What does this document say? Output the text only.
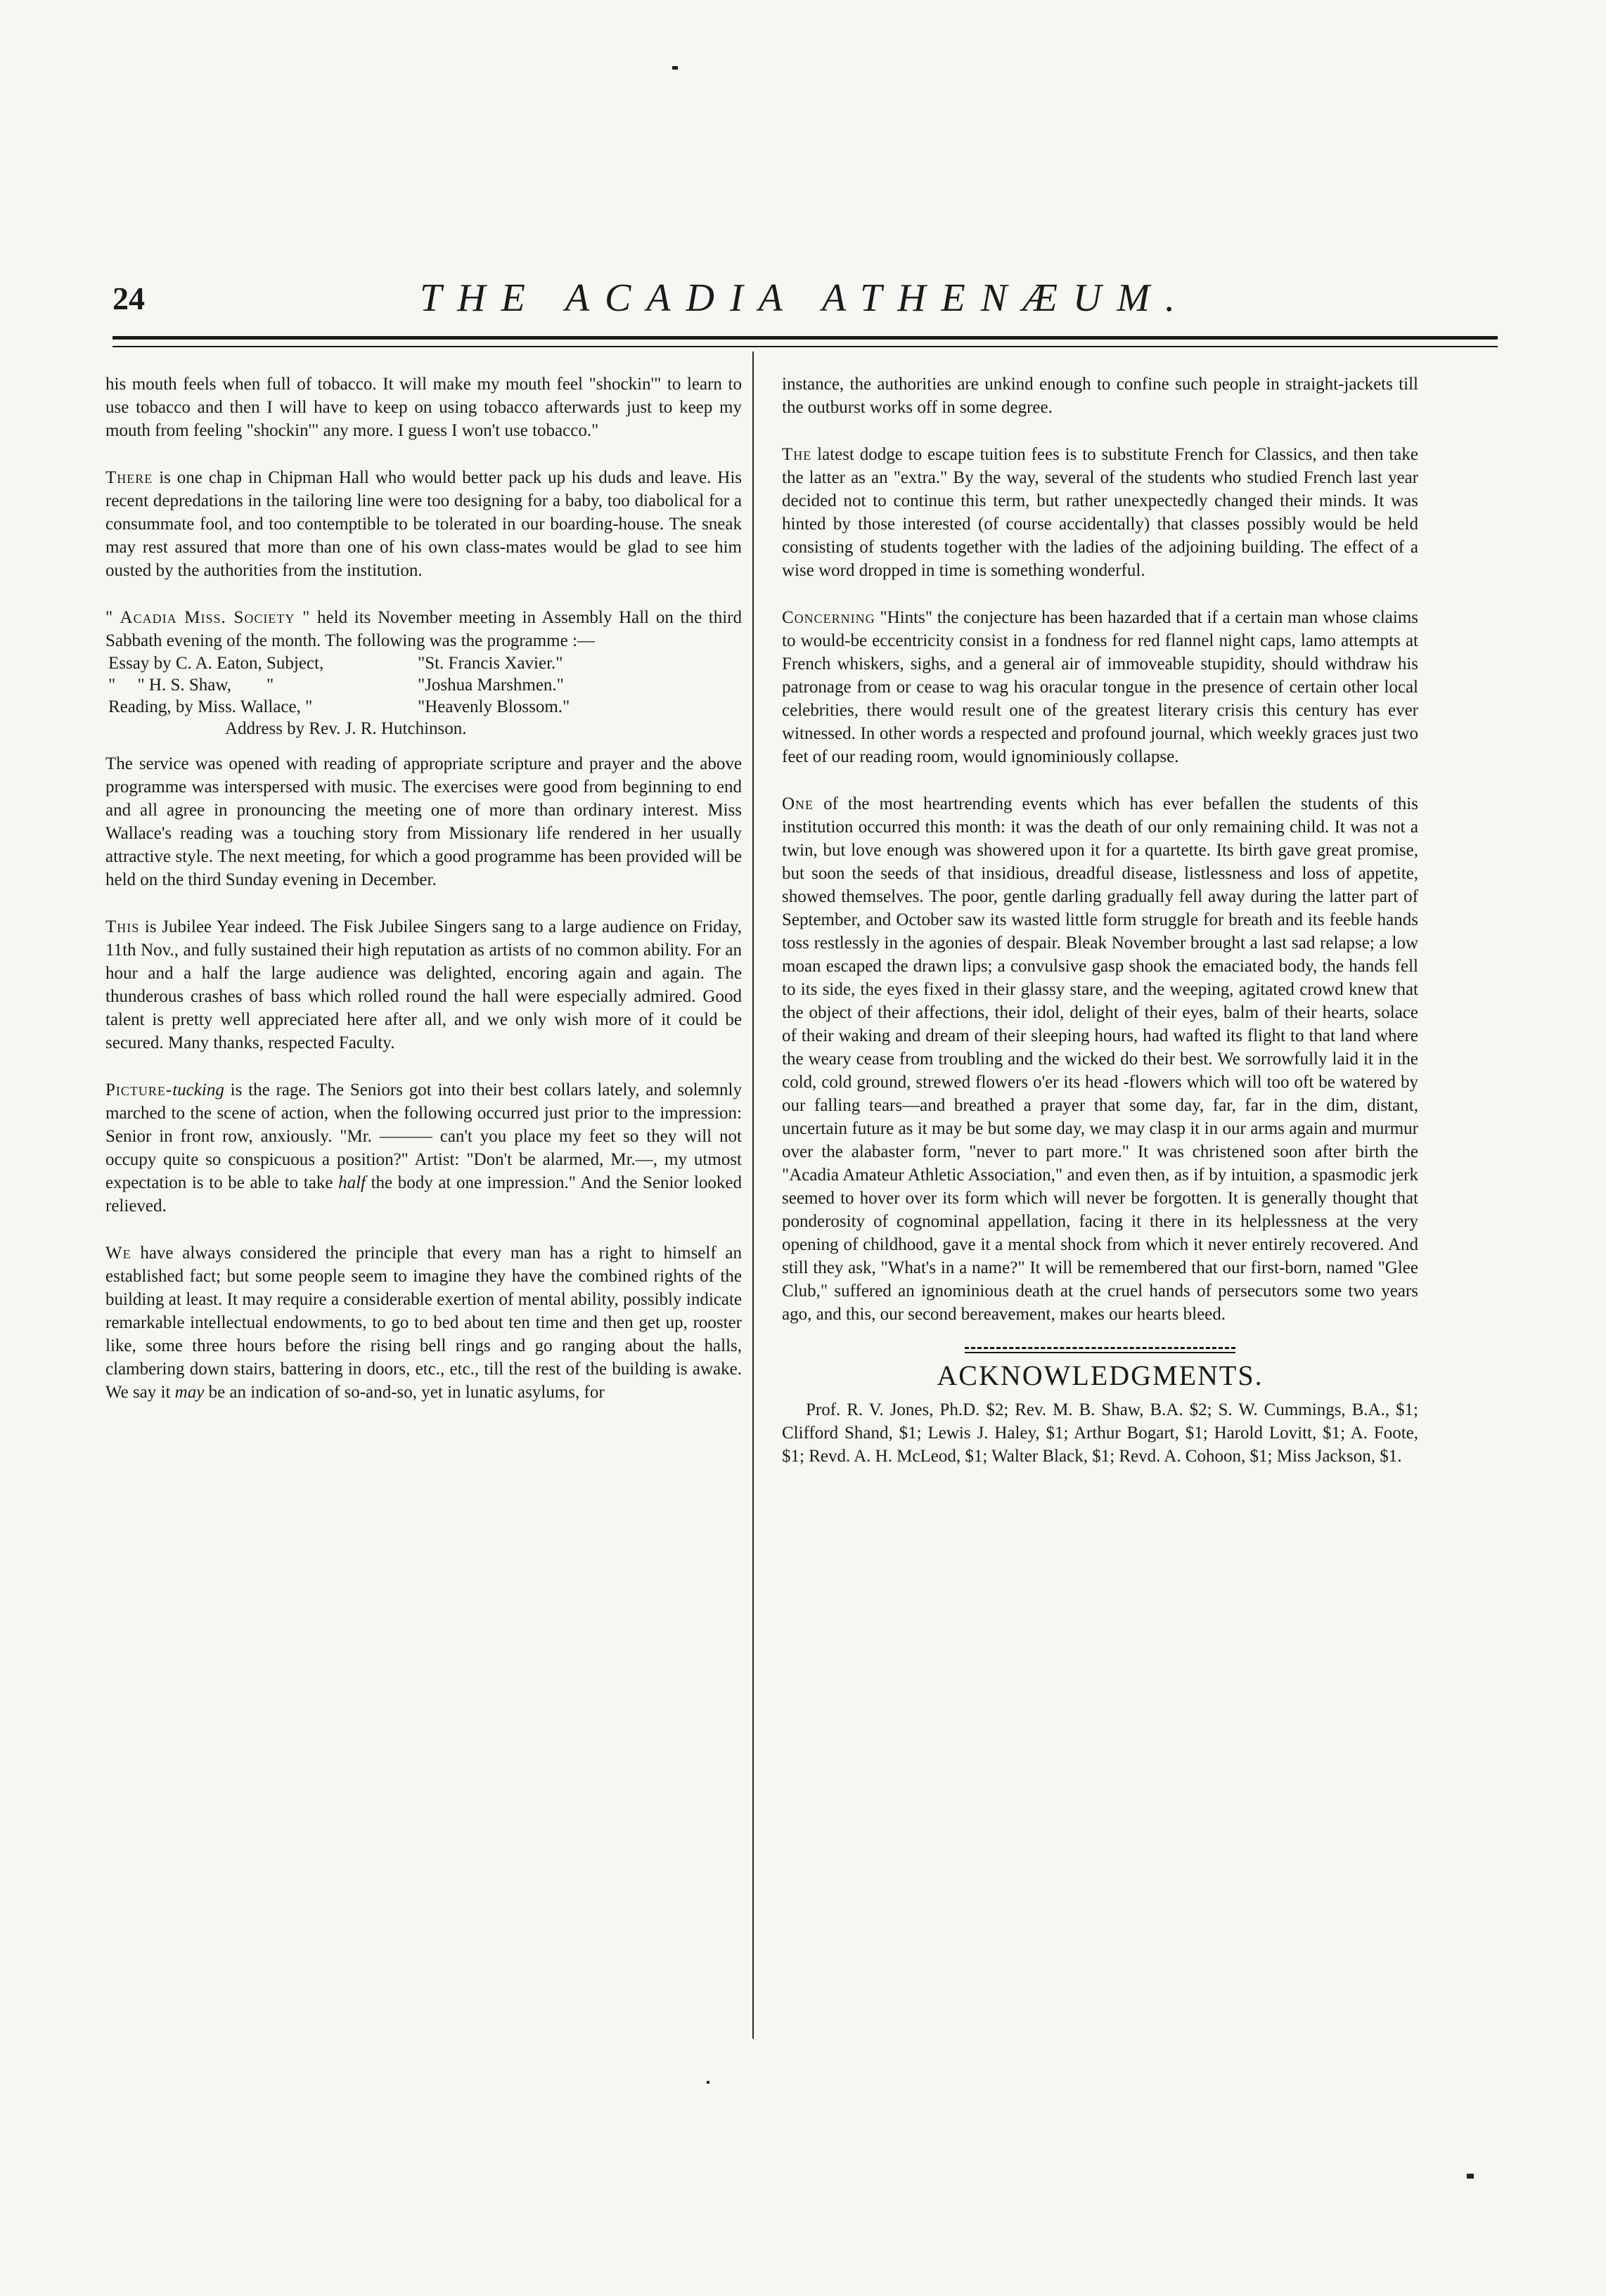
24	THE ACADIA ATHENÆUM.

his mouth feels when full of tobacco. It will make my mouth feel "shockin'" to learn to use tobacco and then I will have to keep on using tobacco afterwards just to keep my mouth from feeling "shockin'" any more. I guess I won't use tobacco."

There is one chap in Chipman Hall who would better pack up his duds and leave. His recent depredations in the tailoring line were too designing for a baby, too diabolical for a consummate fool, and too contemptible to be tolerated in our boarding-house. The sneak may rest assured that more than one of his own class-mates would be glad to see him ousted by the authorities from the institution.

" Acadia Miss. Society " held its November meeting in Assembly Hall on the third Sabbath evening of the month. The following was the programme :—

Essay by C. A. Eaton, Subject,	"St. Francis Xavier."
"     " H. S. Shaw,        "	"Joshua Marshmen."
Reading, by Miss. Wallace, "	"Heavenly Blossom."
Address by Rev. J. R. Hutchinson.

The service was opened with reading of appropriate scripture and prayer and the above programme was interspersed with music. The exercises were good from beginning to end and all agree in pronouncing the meeting one of more than ordinary interest. Miss Wallace's reading was a touching story from Missionary life rendered in her usually attractive style. The next meeting, for which a good programme has been provided will be held on the third Sunday evening in December.

This is Jubilee Year indeed. The Fisk Jubilee Singers sang to a large audience on Friday, 11th Nov., and fully sustained their high reputation as artists of no common ability. For an hour and a half the large audience was delighted, encoring again and again. The thunderous crashes of bass which rolled round the hall were especially admired. Good talent is pretty well appreciated here after all, and we only wish more of it could be secured. Many thanks, respected Faculty.

Picture-tucking is the rage. The Seniors got into their best collars lately, and solemnly marched to the scene of action, when the following occurred just prior to the impression: Senior in front row, anxiously. "Mr. ——— can't you place my feet so they will not occupy quite so conspicuous a position?" Artist: "Don't be alarmed, Mr.—, my utmost expectation is to be able to take half the body at one impression." And the Senior looked relieved.

We have always considered the principle that every man has a right to himself an established fact; but some people seem to imagine they have the combined rights of the building at least. It may require a considerable exertion of mental ability, possibly indicate remarkable intellectual endowments, to go to bed about ten time and then get up, rooster like, some three hours before the rising bell rings and go ranging about the halls, clambering down stairs, battering in doors, etc., etc., till the rest of the building is awake. We say it may be an indication of so-and-so, yet in lunatic asylums, for

instance, the authorities are unkind enough to confine such people in straight-jackets till the outburst works off in some degree.

The latest dodge to escape tuition fees is to substitute French for Classics, and then take the latter as an "extra." By the way, several of the students who studied French last year decided not to continue this term, but rather unexpectedly changed their minds. It was hinted by those interested (of course accidentally) that classes possibly would be held consisting of students together with the ladies of the adjoining building. The effect of a wise word dropped in time is something wonderful.

Concerning "Hints" the conjecture has been hazarded that if a certain man whose claims to would-be eccentricity consist in a fondness for red flannel night caps, lamo attempts at French whiskers, sighs, and a general air of immoveable stupidity, should withdraw his patronage from or cease to wag his oracular tongue in the presence of certain other local celebrities, there would result one of the greatest literary crisis this century has ever witnessed. In other words a respected and profound journal, which weekly graces just two feet of our reading room, would ignominiously collapse.

One of the most heartrending events which has ever befallen the students of this institution occurred this month: it was the death of our only remaining child. It was not a twin, but love enough was showered upon it for a quartette. Its birth gave great promise, but soon the seeds of that insidious, dreadful disease, listlessness and loss of appetite, showed themselves. The poor, gentle darling gradually fell away during the latter part of September, and October saw its wasted little form struggle for breath and its feeble hands toss restlessly in the agonies of despair. Bleak November brought a last sad relapse; a low moan escaped the drawn lips; a convulsive gasp shook the emaciated body, the hands fell to its side, the eyes fixed in their glassy stare, and the weeping, agitated crowd knew that the object of their affections, their idol, delight of their eyes, balm of their hearts, solace of their waking and dream of their sleeping hours, had wafted its flight to that land where the weary cease from troubling and the wicked do their best. We sorrowfully laid it in the cold, cold ground, strewed flowers o'er its head -flowers which will too oft be watered by our falling tears—and breathed a prayer that some day, far, far in the dim, distant, uncertain future as it may be but some day, we may clasp it in our arms again and murmur over the alabaster form, "never to part more." It was christened soon after birth the "Acadia Amateur Athletic Association," and even then, as if by intuition, a spasmodic jerk seemed to hover over its form which will never be forgotten. It is generally thought that ponderosity of cognominal appellation, facing it there in its helplessness at the very opening of childhood, gave it a mental shock from which it never entirely recovered. And still they ask, "What's in a name?" It will be remembered that our first-born, named "Glee Club," suffered an ignominious death at the cruel hands of persecutors some two years ago, and this, our second bereavement, makes our hearts bleed.

ACKNOWLEDGMENTS.

Prof. R. V. Jones, Ph.D. $2; Rev. M. B. Shaw, B.A. $2; S. W. Cummings, B.A., $1; Clifford Shand, $1; Lewis J. Haley, $1; Arthur Bogart, $1; Harold Lovitt, $1; A. Foote, $1; Revd. A. H. McLeod, $1; Walter Black, $1; Revd. A. Cohoon, $1; Miss Jackson, $1.
